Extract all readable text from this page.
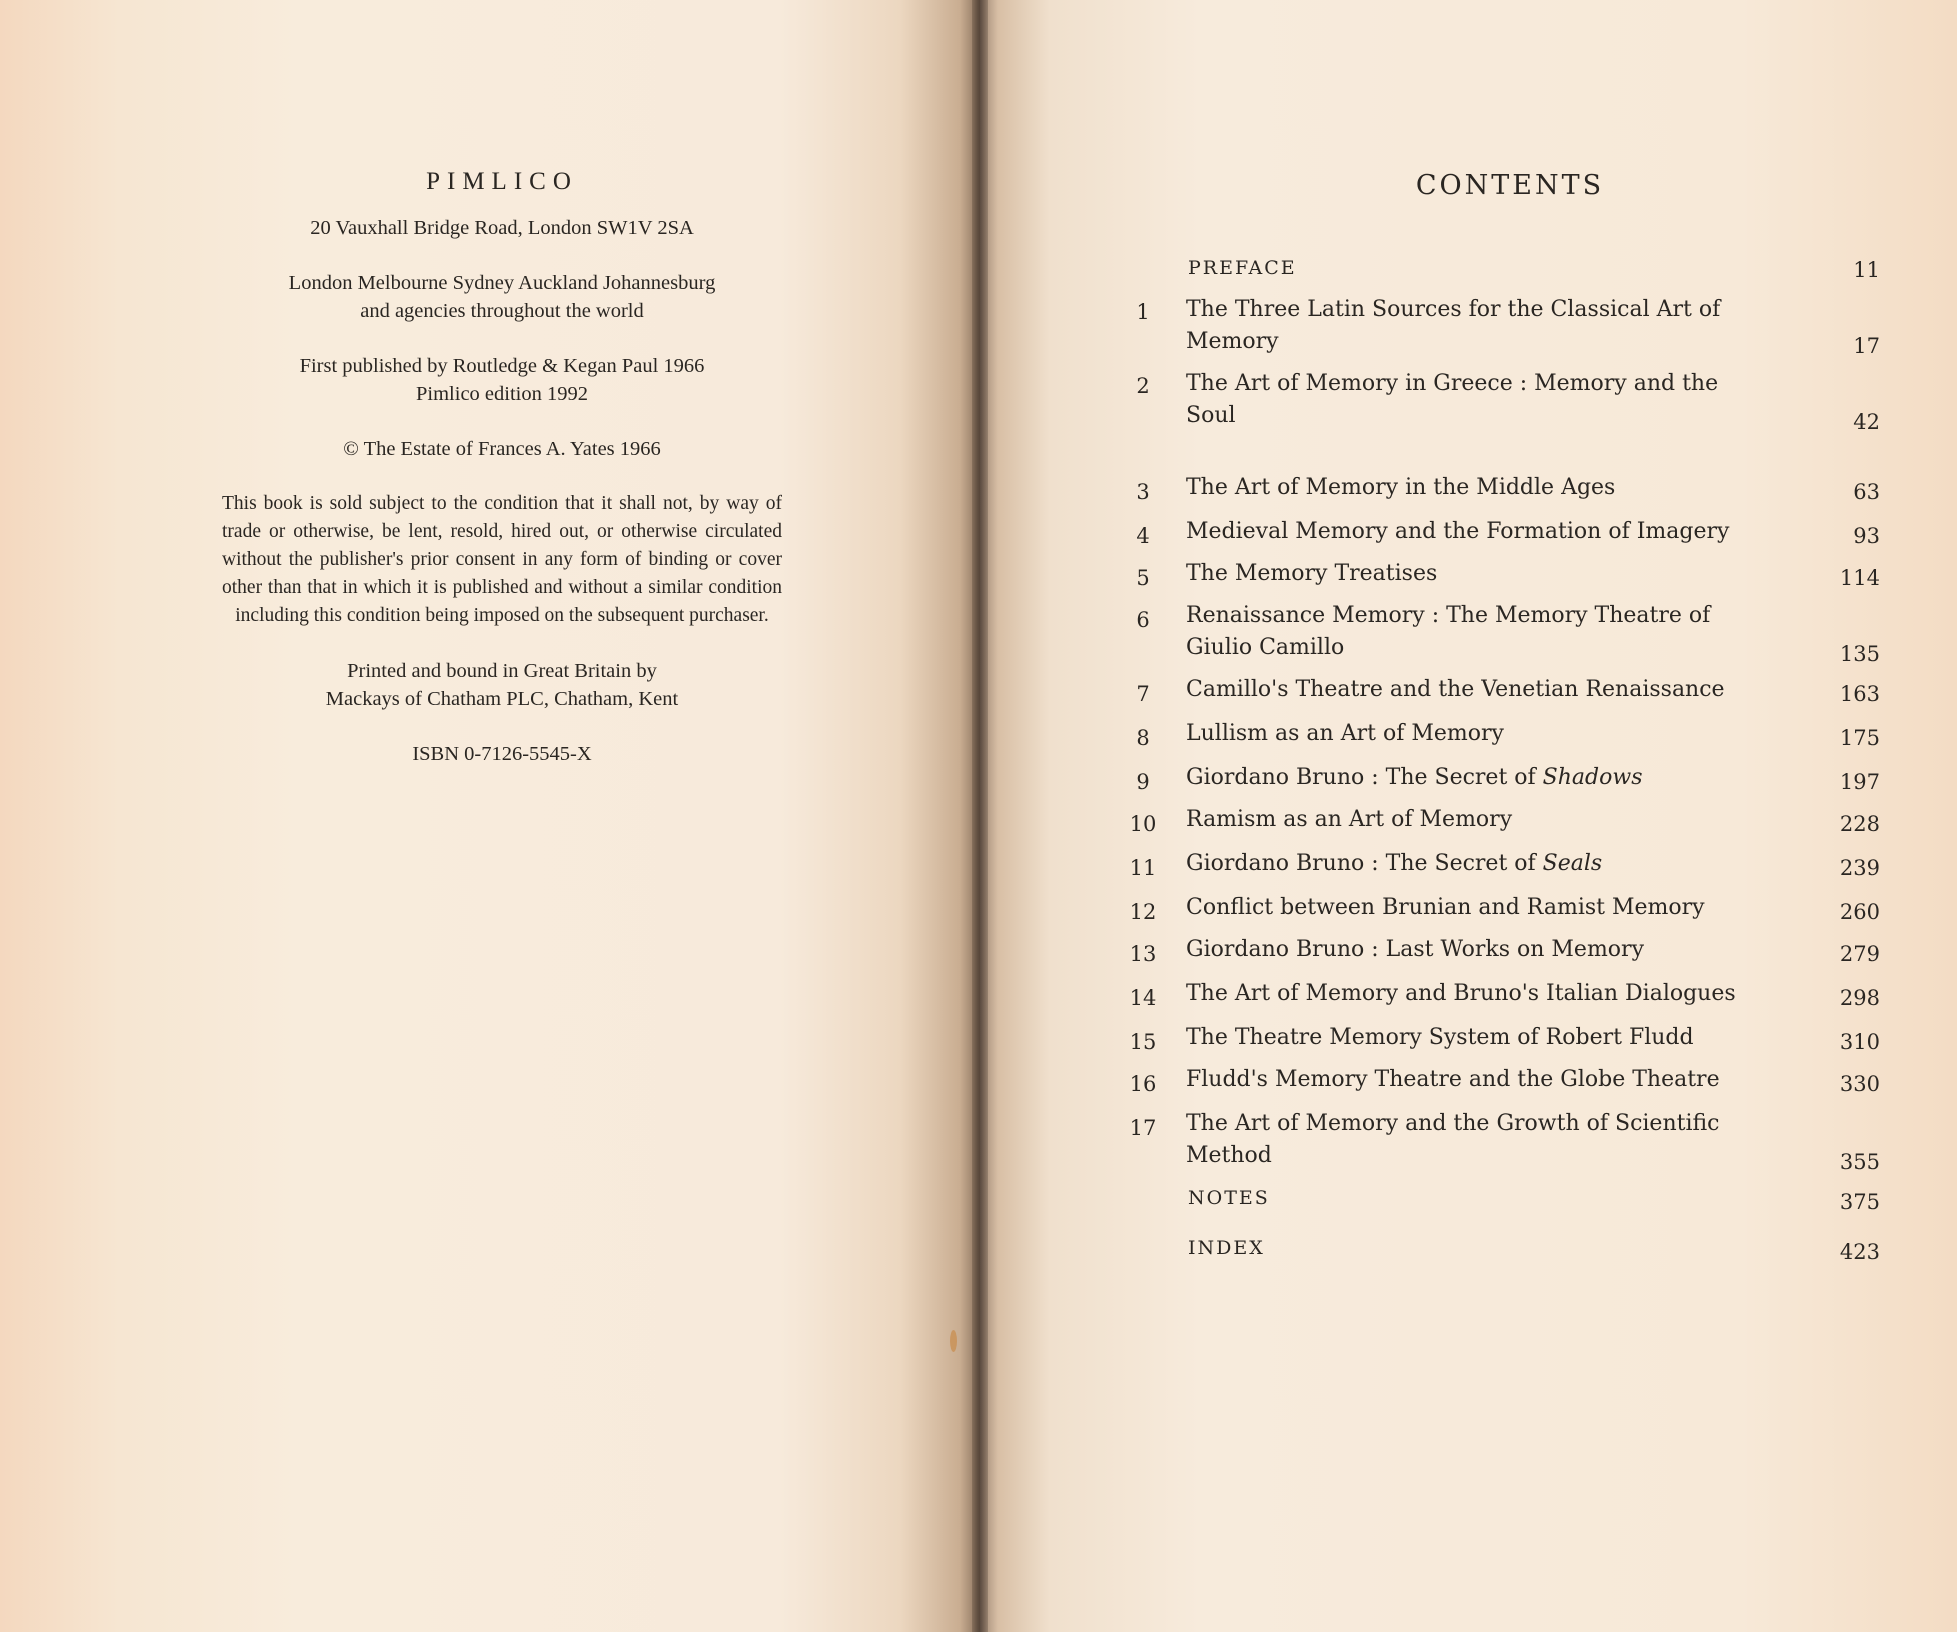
PIMLICO
20 Vauxhall Bridge Road, London SW1V 2SA
London Melbourne Sydney Auckland Johannesburg
and agencies throughout the world
First published by Routledge & Kegan Paul 1966
Pimlico edition 1992
© The Estate of Frances A. Yates 1966
This book is sold subject to the condition that it shall not, by way of trade or otherwise, be lent, resold, hired out, or otherwise circulated without the publisher's prior consent in any form of binding or cover other than that in which it is published and without a similar condition including this condition being imposed on the subsequent purchaser.
Printed and bound in Great Britain by
Mackays of Chatham PLC, Chatham, Kent
ISBN 0-7126-5545-X
CONTENTS
PREFACE	11
1	The Three Latin Sources for the Classical Art of
Memory	17
2	The Art of Memory in Greece : Memory and the
Soul	42
3	The Art of Memory in the Middle Ages	63
4	Medieval Memory and the Formation of Imagery	93
5	The Memory Treatises	114
6	Renaissance Memory : The Memory Theatre of
Giulio Camillo	135
7	Camillo's Theatre and the Venetian Renaissance	163
8	Lullism as an Art of Memory	175
9	Giordano Bruno : The Secret of Shadows	197
10	Ramism as an Art of Memory	228
11	Giordano Bruno : The Secret of Seals	239
12	Conflict between Brunian and Ramist Memory	260
13	Giordano Bruno : Last Works on Memory	279
14	The Art of Memory and Bruno's Italian Dialogues	298
15	The Theatre Memory System of Robert Fludd	310
16	Fludd's Memory Theatre and the Globe Theatre	330
17	The Art of Memory and the Growth of Scientific
Method	355
NOTES	375
INDEX	423
